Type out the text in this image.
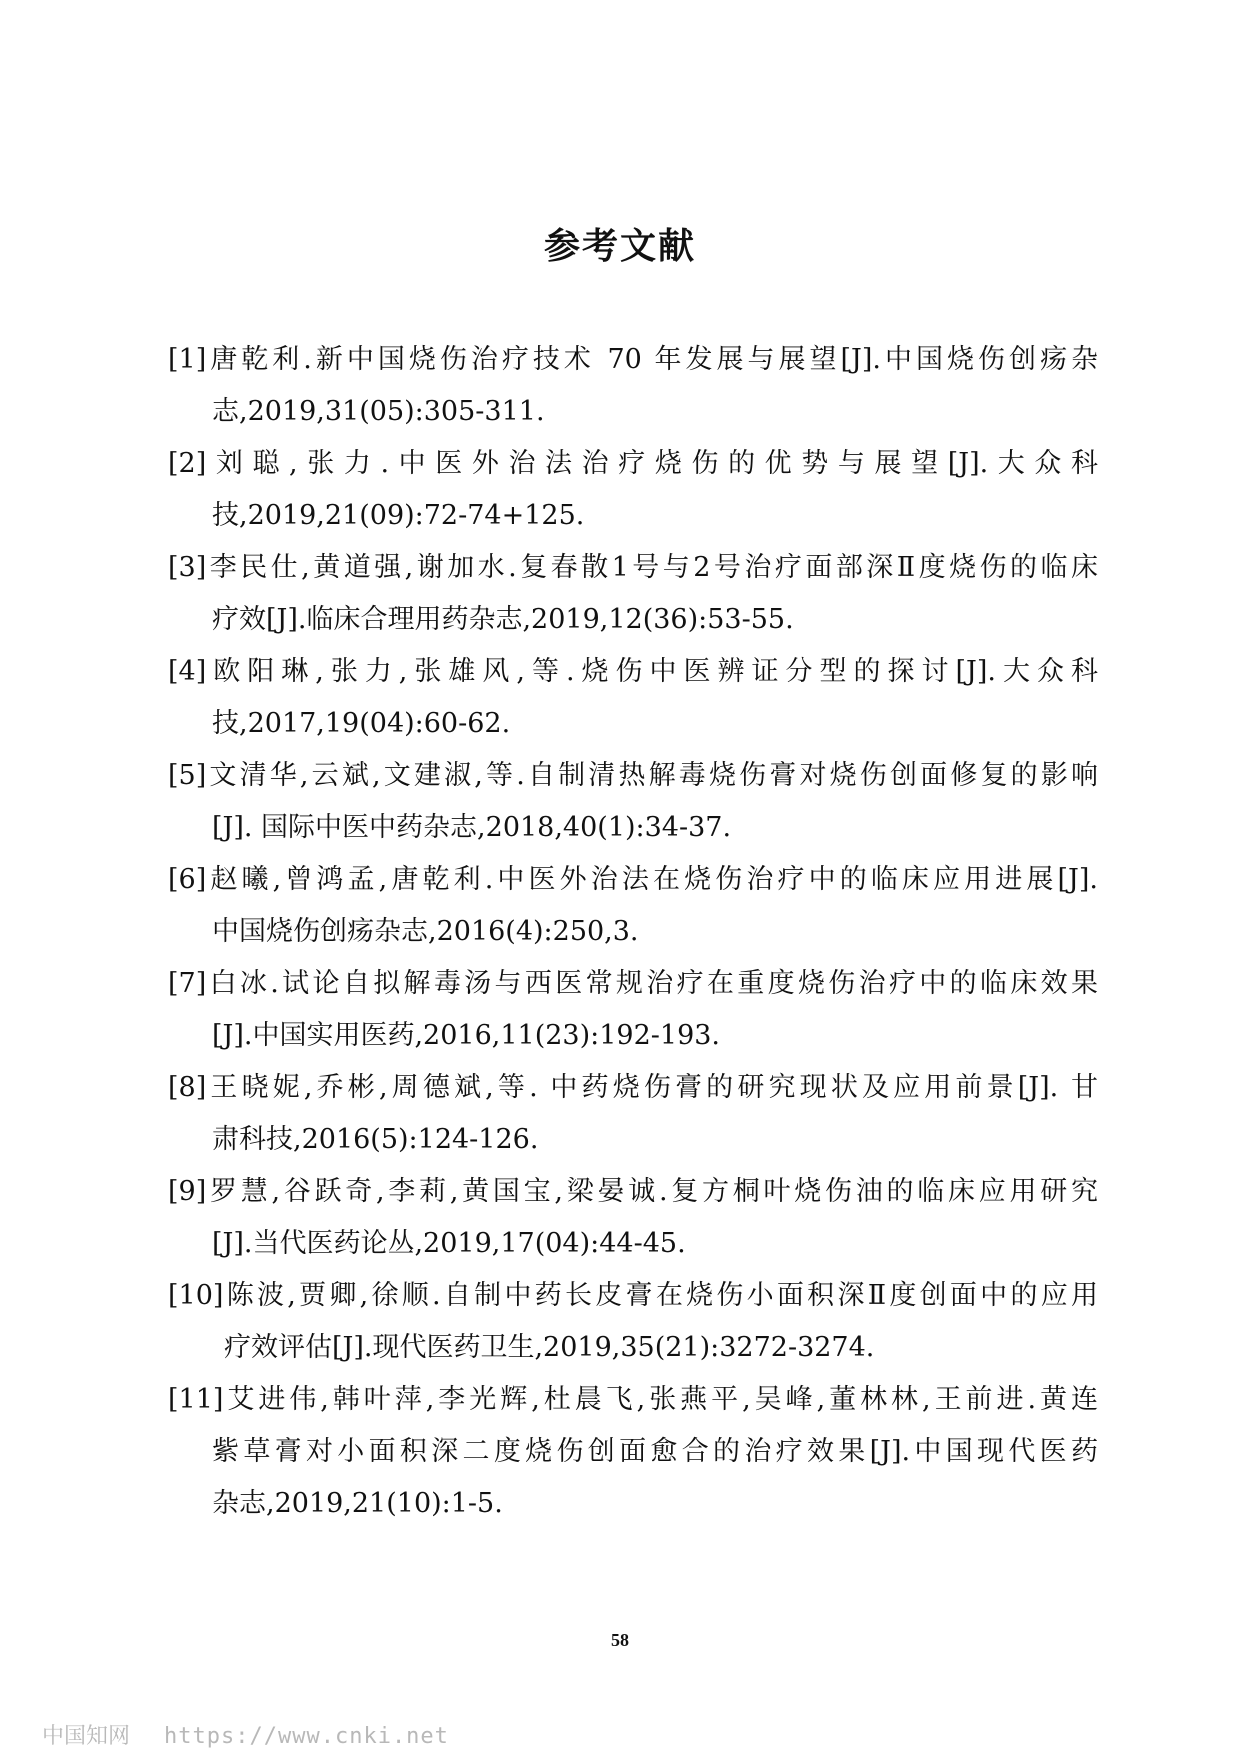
参考文献
[1]唐乾利.新中国烧伤治疗技术 70 年发展与展望[J].中国烧伤创疡杂
志,2019,31(05):305-311.
[2]刘聪,张力.中医外治法治疗烧伤的优势与展望[J].大众科
技,2019,21(09):72-74+125.
[3]李民仕,黄道强,谢加水.复春散1号与2号治疗面部深Ⅱ度烧伤的临床
疗效[J].临床合理用药杂志,2019,12(36):53-55.
[4]欧阳琳,张力,张雄风,等.烧伤中医辨证分型的探讨[J].大众科
技,2017,19(04):60-62.
[5]文清华,云斌,文建淑,等.自制清热解毒烧伤膏对烧伤创面修复的影响
[J]. 国际中医中药杂志,2018,40(1):34-37.
[6]赵曦,曾鸿孟,唐乾利.中医外治法在烧伤治疗中的临床应用进展[J].
中国烧伤创疡杂志,2016(4):250,3.
[7]白冰.试论自拟解毒汤与西医常规治疗在重度烧伤治疗中的临床效果
[J].中国实用医药,2016,11(23):192-193.
[8]王晓妮,乔彬,周德斌,等. 中药烧伤膏的研究现状及应用前景[J]. 甘
肃科技,2016(5):124-126.
[9]罗慧,谷跃奇,李莉,黄国宝,梁晏诚.复方桐叶烧伤油的临床应用研究
[J].当代医药论丛,2019,17(04):44-45.
[10]陈波,贾卿,徐顺.自制中药长皮膏在烧伤小面积深Ⅱ度创面中的应用
疗效评估[J].现代医药卫生,2019,35(21):3272-3274.
[11]艾进伟,韩叶萍,李光辉,杜晨飞,张燕平,吴峰,董林林,王前进.黄连
紫草膏对小面积深二度烧伤创面愈合的治疗效果[J].中国现代医药
杂志,2019,21(10):1-5.
58
中国知网 https://www.cnki.net
